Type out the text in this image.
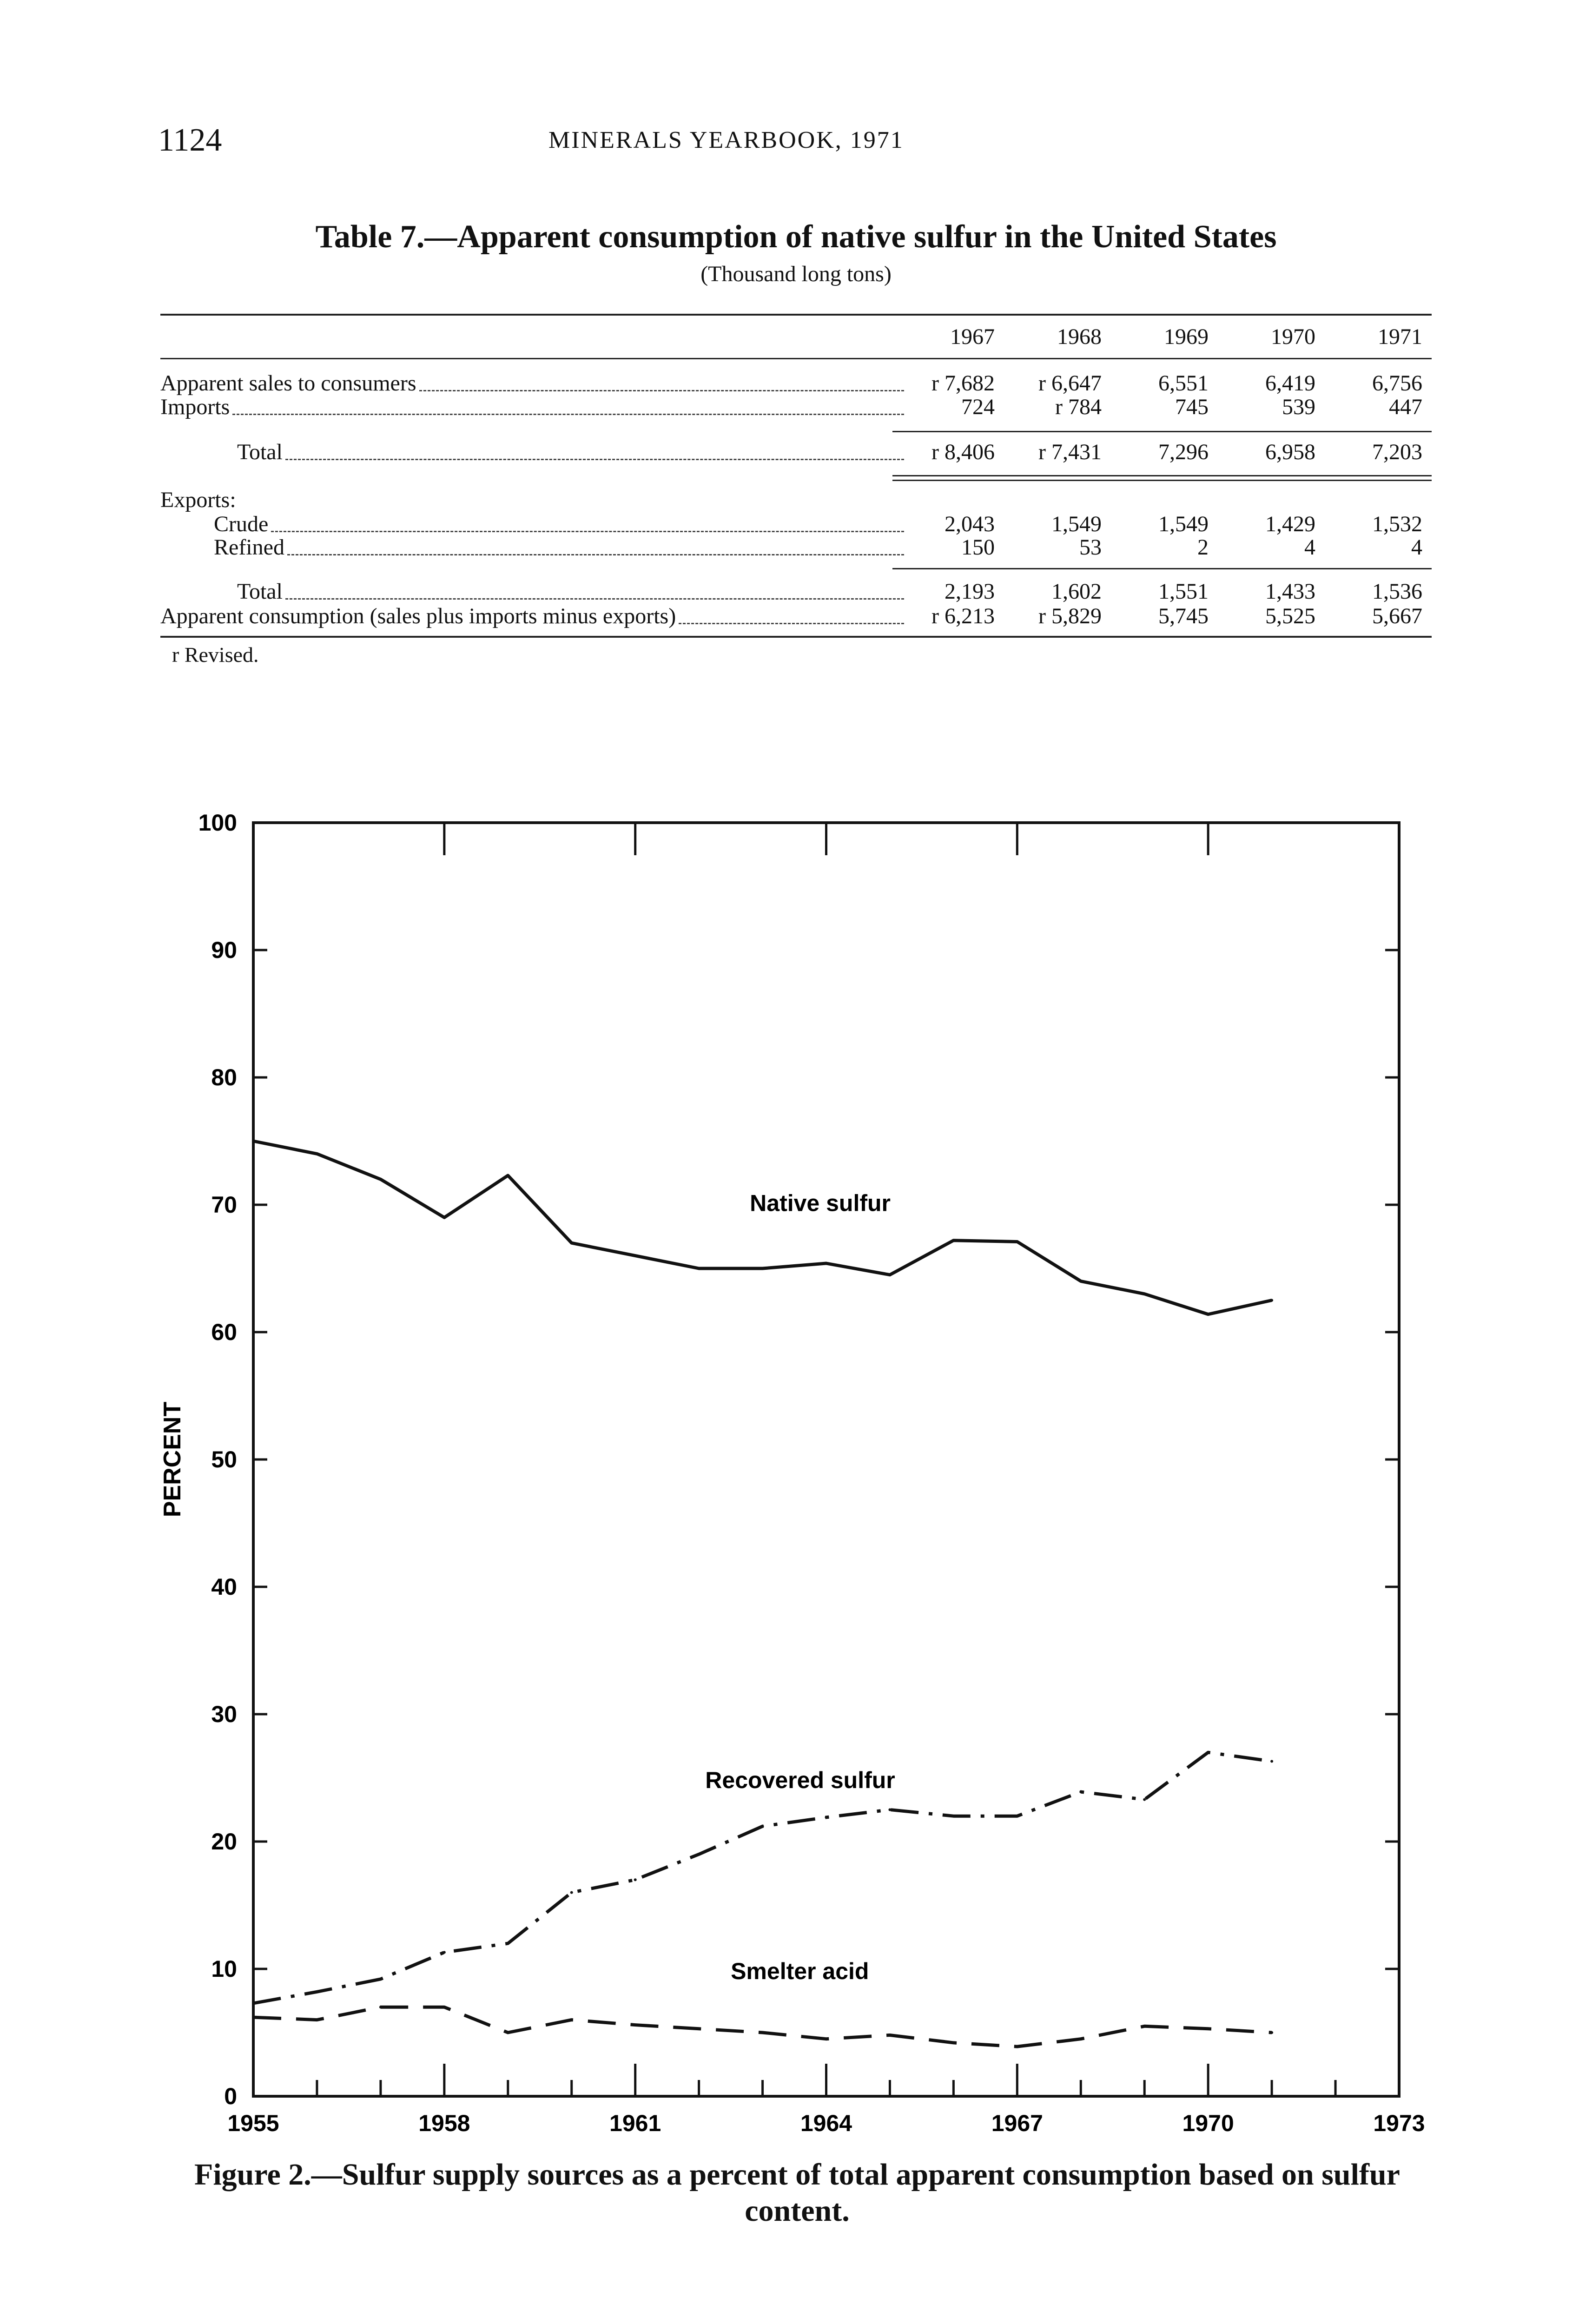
1124	MINERALS YEARBOOK, 1971
Table 7.—Apparent consumption of native sulfur in the United States
(Thousand long tons)
1967	1968	1969	1970	1971
Apparent sales to consumers	r 7,682	r 6,647	6,551	6,419	6,756
Imports	724	r 784	745	539	447
Total	r 8,406	r 7,431	7,296	6,958	7,203
Exports:
Crude	2,043	1,549	1,549	1,429	1,532
Refined	150	53	2	4	4
Total	2,193	1,602	1,551	1,433	1,536
Apparent consumption (sales plus imports minus exports)	r 6,213	r 5,829	5,745	5,525	5,667
r Revised.
0
10
20
30
40
50
60
70
80
90
100
1955	1958	1961	1964	1967	1970	1973
PERCENT
Native sulfur
Recovered sulfur
Smelter acid
Figure 2.—Sulfur supply sources as a percent of total apparent consumption based on sulfur content.
